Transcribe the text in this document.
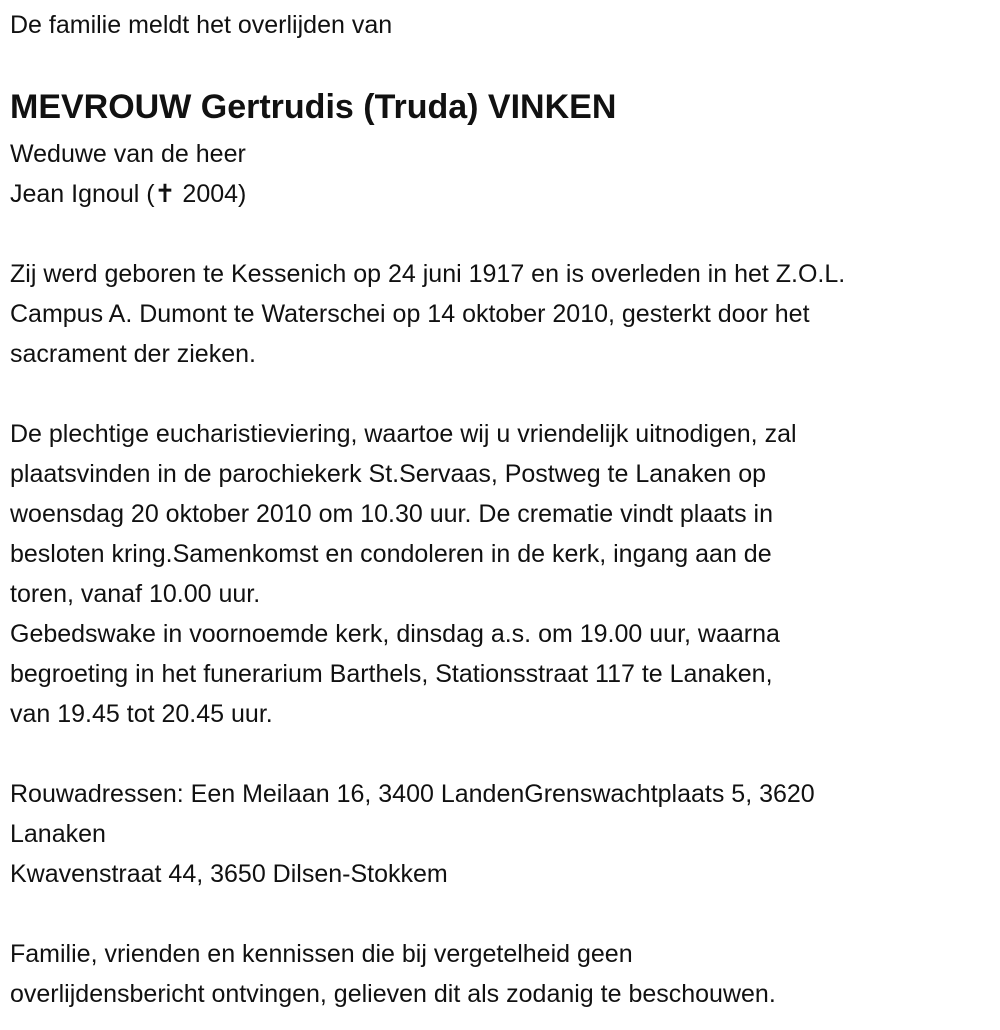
De familie meldt het overlijden van
MEVROUW Gertrudis (Truda) VINKEN
Weduwe van de heer
Jean Ignoul (✝ 2004)
Zij werd geboren te Kessenich op 24 juni 1917 en is overleden in het Z.O.L.
Campus A. Dumont te Waterschei op 14 oktober 2010, gesterkt door het
sacrament der zieken.
De plechtige eucharistieviering, waartoe wij u vriendelijk uitnodigen, zal
plaatsvinden in de parochiekerk St.Servaas, Postweg te Lanaken op
woensdag 20 oktober 2010 om 10.30 uur. De crematie vindt plaats in
besloten kring.Samenkomst en condoleren in de kerk, ingang aan de
toren, vanaf 10.00 uur.
Gebedswake in voornoemde kerk, dinsdag a.s. om 19.00 uur, waarna
begroeting in het funerarium Barthels, Stationsstraat 117 te Lanaken,
van 19.45 tot 20.45 uur.
Rouwadressen: Een Meilaan 16, 3400 LandenGrenswachtplaats 5, 3620
Lanaken
Kwavenstraat 44, 3650 Dilsen-Stokkem
Familie, vrienden en kennissen die bij vergetelheid geen
overlijdensbericht ontvingen, gelieven dit als zodanig te beschouwen.
